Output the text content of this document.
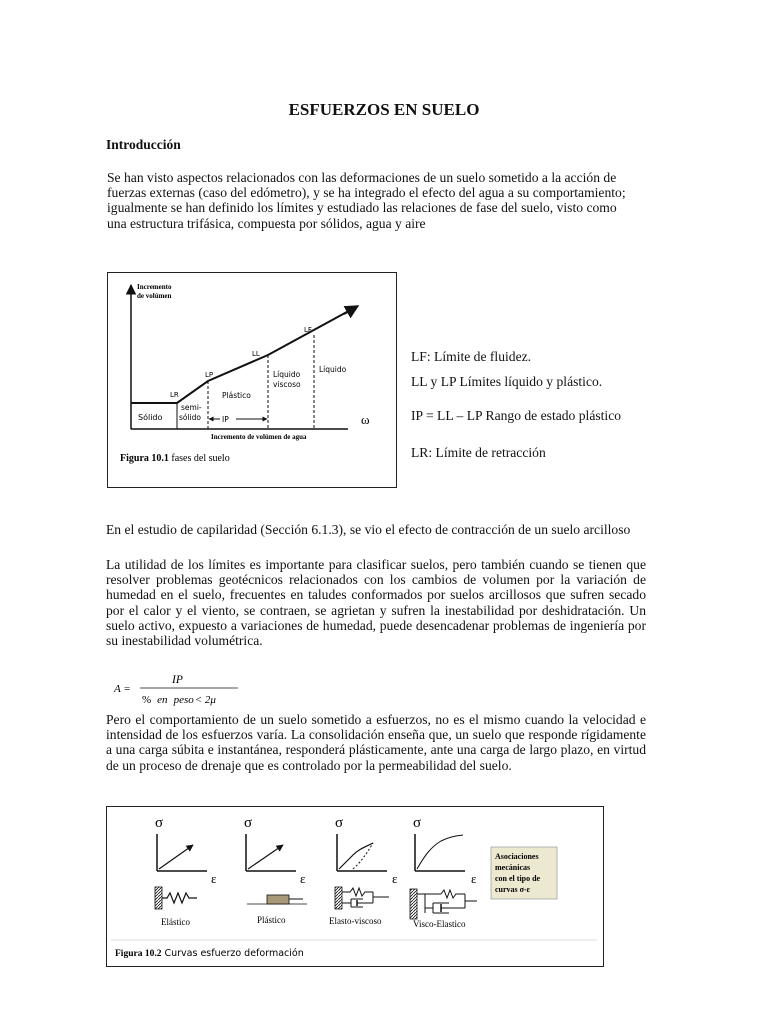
ESFUERZOS EN SUELO
Introducción
Se han visto aspectos relacionados con las deformaciones de un suelo sometido a la acción de
fuerzas externas (caso del edómetro), y se ha integrado el efecto del agua a su comportamiento;
igualmente se han definido los límites y estudiado las relaciones de fase del suelo, visto como
una estructura trifásica, compuesta por sólidos, agua y aire
Incremento
de volúmen
ω
Incremento de volúmen de agua
Sólido
LR
LP
LL
LF
semi-
sólido
Plástico
Líquido
viscoso
Líquido
IP
Figura 10.1 fases del suelo
LF: Límite de fluidez.
LL y LP Límites líquido y plástico.
IP = LL – LP Rango de estado plástico
LR: Límite de retracción
En el estudio de capilaridad (Sección 6.1.3), se vio el efecto de contracción de un suelo arcilloso
La utilidad de los límites es importante para clasificar suelos, pero también cuando se tienen que resolver problemas geotécnicos relacionados con los cambios de volumen por la variación de humedad en el suelo, frecuentes en taludes conformados por suelos arcillosos que sufren secado por el calor y el viento, se contraen, se agrietan y sufren la inestabilidad por deshidratación. Un suelo activo, expuesto a variaciones de humedad, puede desencadenar problemas de ingeniería por su inestabilidad volumétrica.
A =
IP
% en peso< 2μ
Pero el comportamiento de un suelo sometido a esfuerzos, no es el mismo cuando la velocidad e intensidad de los esfuerzos varía. La consolidación enseña que, un suelo que responde rígidamente a una carga súbita e instantánea, responderá plásticamente, ante una carga de largo plazo, en virtud de un proceso de drenaje que es controlado por la permeabilidad del suelo.
σ
ε
Elástico
σ
ε
Plástico
σ
ε
Elasto-viscoso
σ
ε
Visco-Elastico
Asociaciones
mecánicas
con el tipo de
curvas σ-ε
Figura 10.2 Curvas esfuerzo deformación
